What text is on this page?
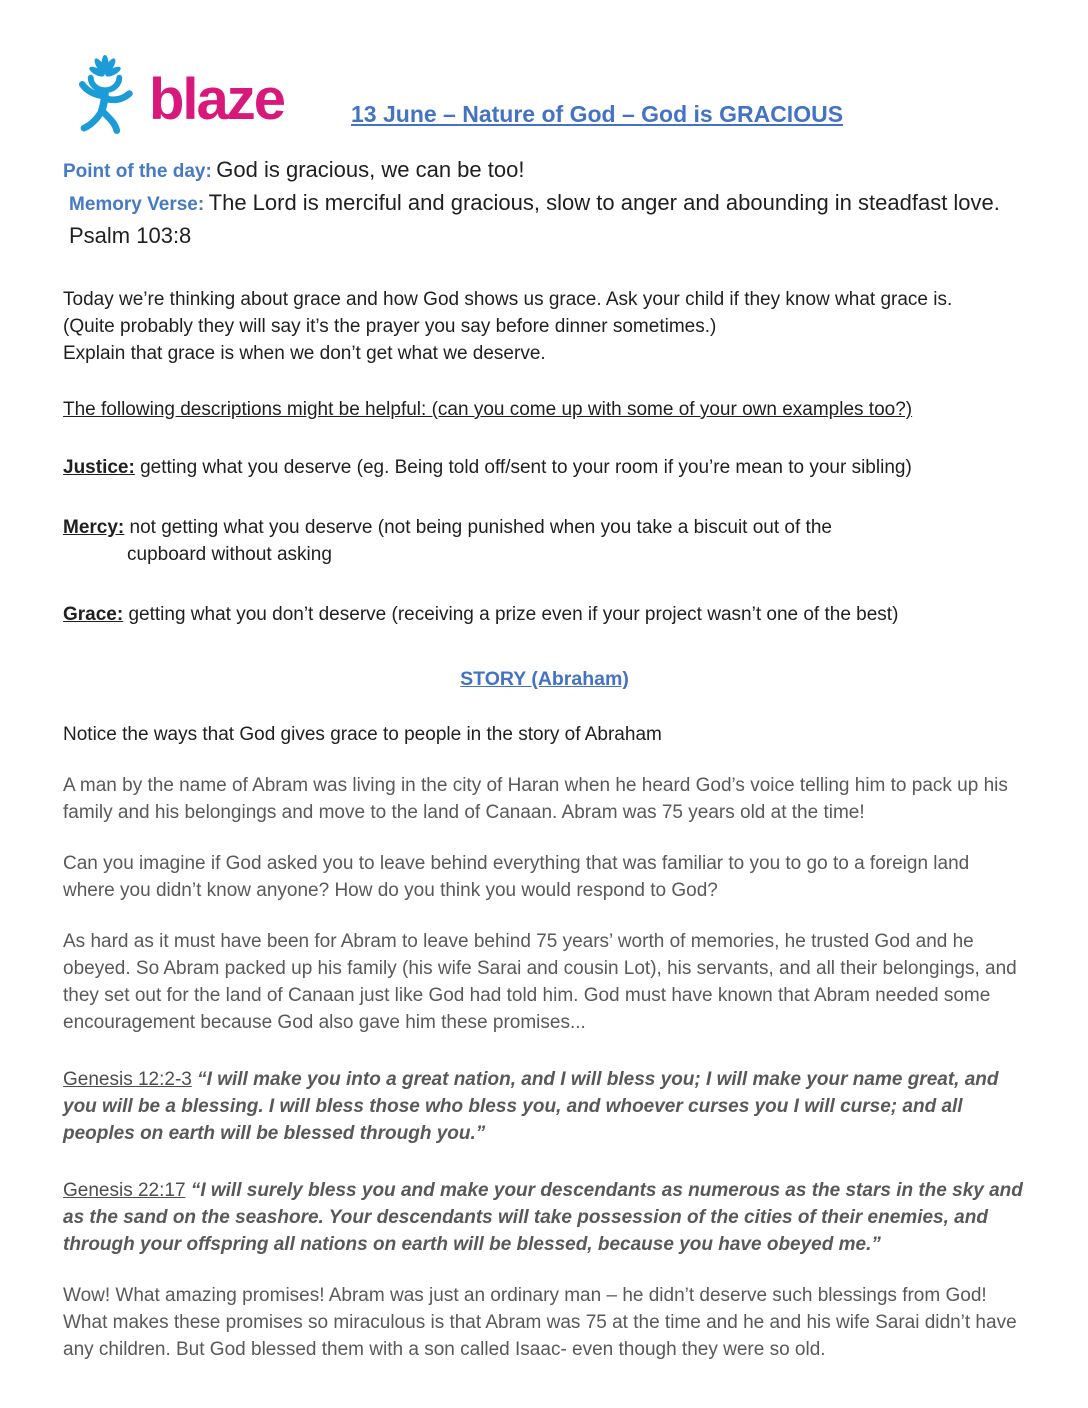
blaze	13 June – Nature of God – God is GRACIOUS

Point of the day: God is gracious, we can be too!

Memory Verse: The Lord is merciful and gracious, slow to anger and abounding in steadfast love. Psalm 103:8

Today we’re thinking about grace and how God shows us grace. Ask your child if they know what grace is.
(Quite probably they will say it’s the prayer you say before dinner sometimes.)
Explain that grace is when we don’t get what we deserve.

The following descriptions might be helpful: (can you come up with some of your own examples too?)

Justice: getting what you deserve (eg. Being told off/sent to your room if you’re mean to your sibling)

Mercy: not getting what you deserve (not being punished when you take a biscuit out of the
cupboard without asking

Grace: getting what you don’t deserve (receiving a prize even if your project wasn’t one of the best)

STORY (Abraham)

Notice the ways that God gives grace to people in the story of Abraham

A man by the name of Abram was living in the city of Haran when he heard God’s voice telling him to pack up his family and his belongings and move to the land of Canaan. Abram was 75 years old at the time!

Can you imagine if God asked you to leave behind everything that was familiar to you to go to a foreign land where you didn’t know anyone? How do you think you would respond to God?

As hard as it must have been for Abram to leave behind 75 years’ worth of memories, he trusted God and he obeyed. So Abram packed up his family (his wife Sarai and cousin Lot), his servants, and all their belongings, and they set out for the land of Canaan just like God had told him. God must have known that Abram needed some encouragement because God also gave him these promises...

Genesis 12:2-3 “I will make you into a great nation, and I will bless you; I will make your name great, and you will be a blessing. I will bless those who bless you, and whoever curses you I will curse; and all peoples on earth will be blessed through you.”

Genesis 22:17 “I will surely bless you and make your descendants as numerous as the stars in the sky and as the sand on the seashore. Your descendants will take possession of the cities of their enemies, and through your offspring all nations on earth will be blessed, because you have obeyed me.”

Wow! What amazing promises! Abram was just an ordinary man – he didn’t deserve such blessings from God! What makes these promises so miraculous is that Abram was 75 at the time and he and his wife Sarai didn’t have any children. But God blessed them with a son called Isaac- even though they were so old.
